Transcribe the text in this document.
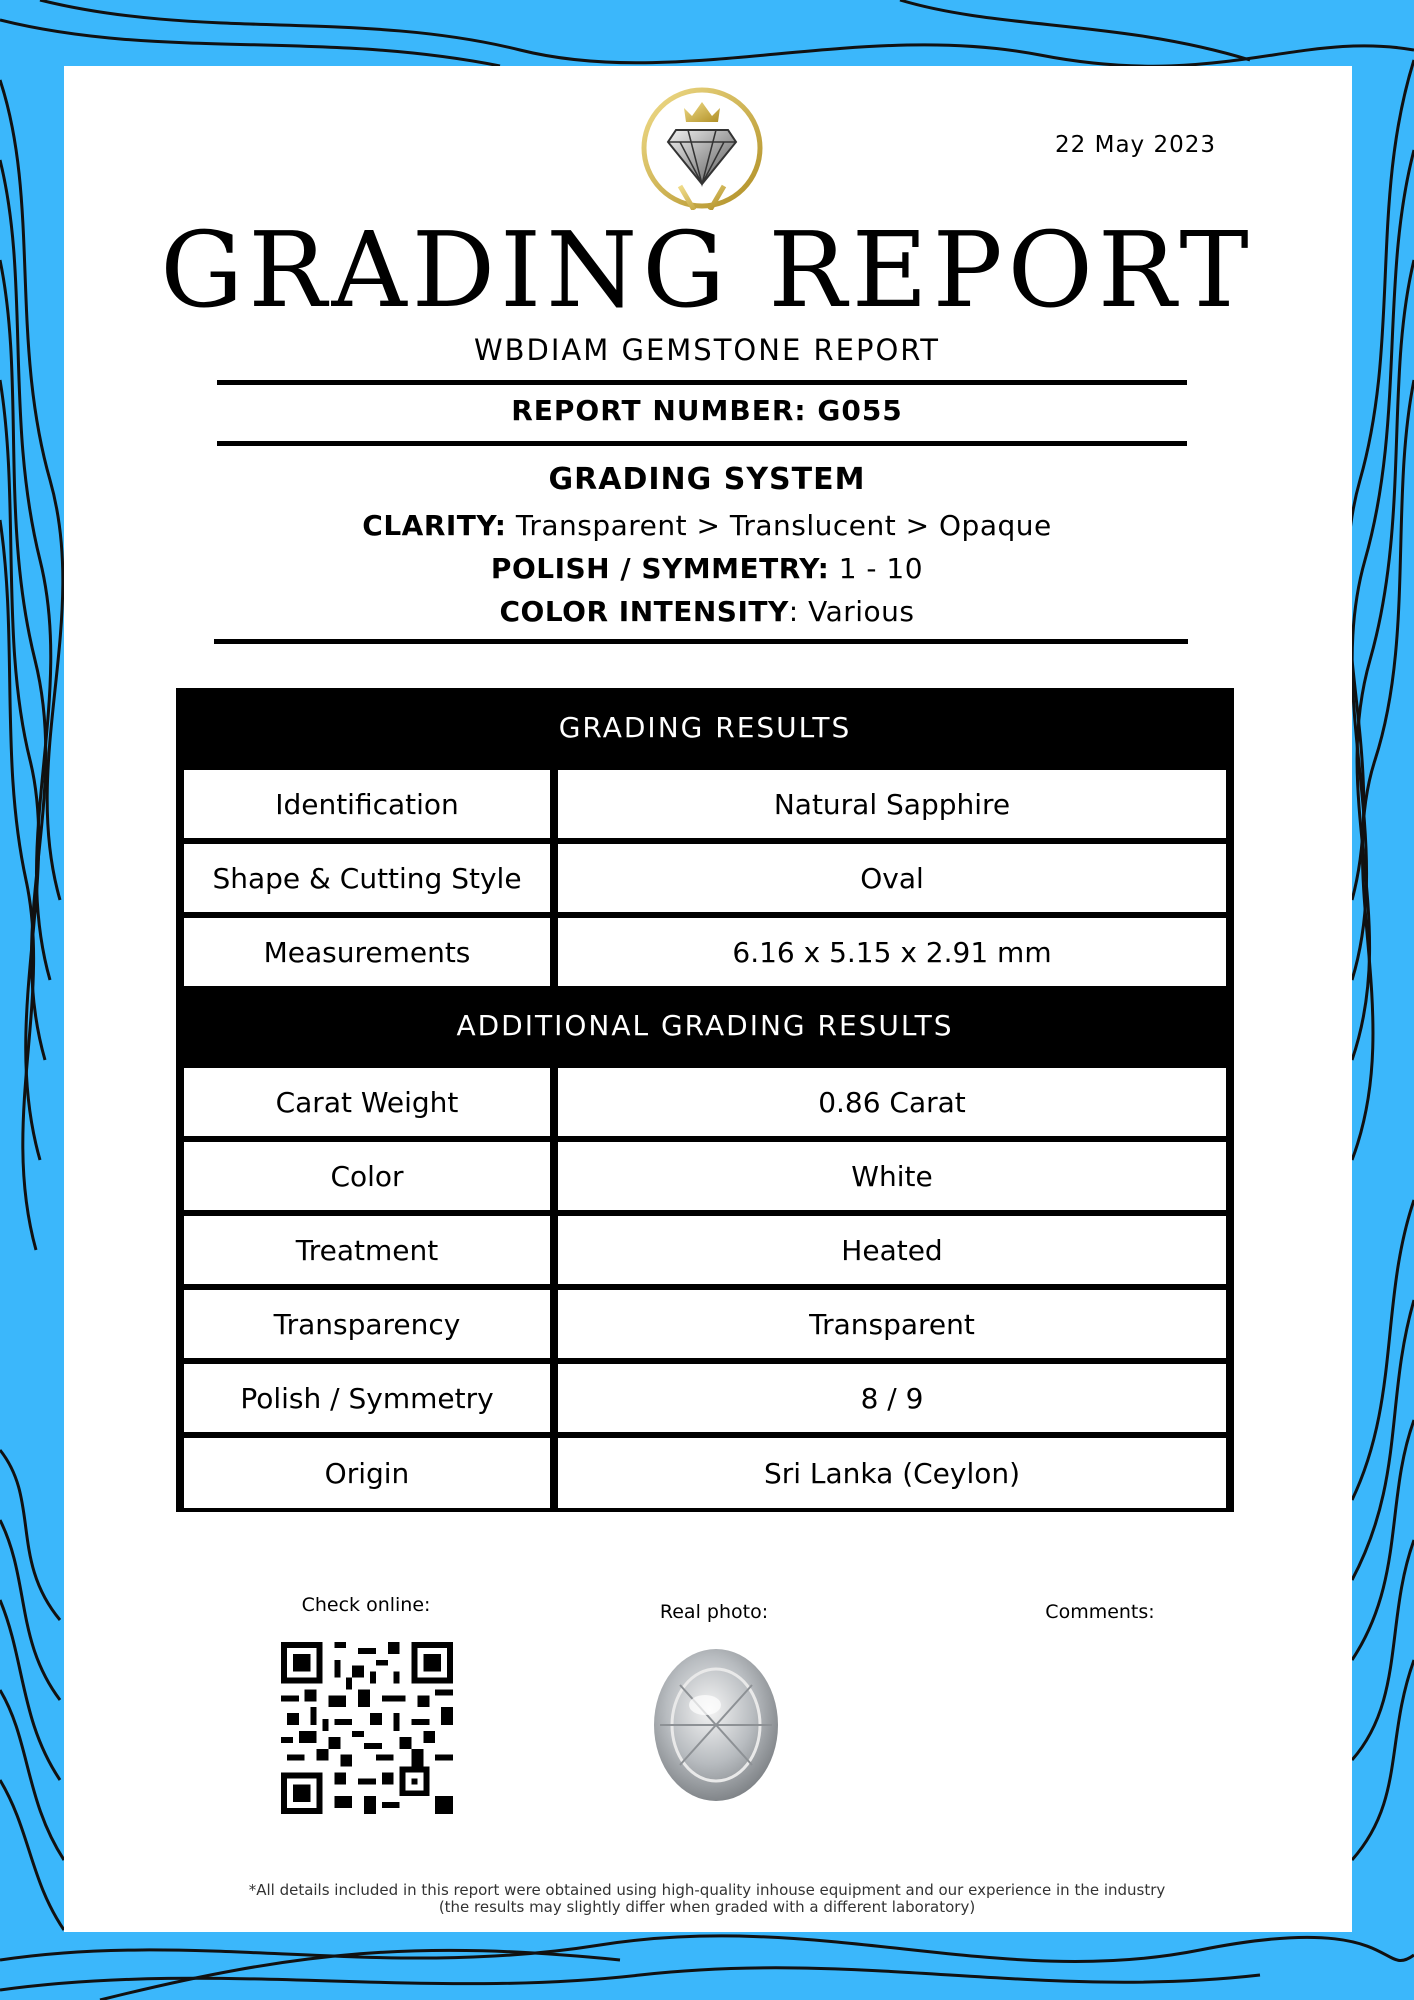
22 May 2023
GRADING REPORT
WBDIAM GEMSTONE REPORT
REPORT NUMBER: G055
GRADING SYSTEM
CLARITY: Transparent > Translucent > Opaque
POLISH / SYMMETRY: 1 - 10
COLOR INTENSITY: Various
GRADING RESULTS
Identification	Natural Sapphire
Shape & Cutting Style	Oval
Measurements	6.16 x 5.15 x 2.91 mm
ADDITIONAL GRADING RESULTS
Carat Weight	0.86 Carat
Color	White
Treatment	Heated
Transparency	Transparent
Polish / Symmetry	8 / 9
Origin	Sri Lanka (Ceylon)
Check online:	Real photo:	Comments:
*All details included in this report were obtained using high-quality inhouse equipment and our experience in the industry
(the results may slightly differ when graded with a different laboratory)
